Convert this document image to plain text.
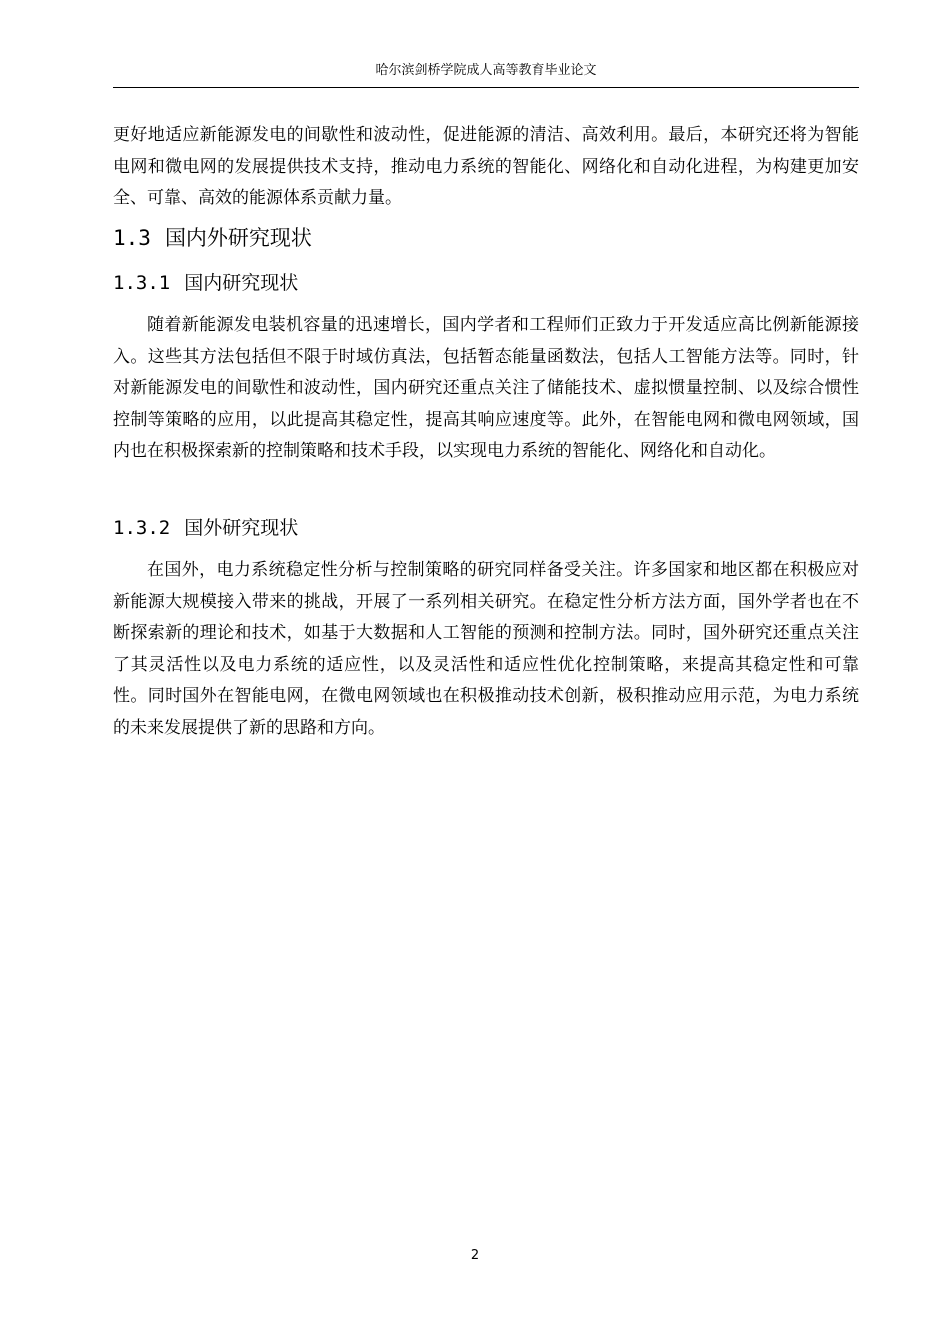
哈尔滨剑桥学院成人高等教育毕业论文

更好地适应新能源发电的间歇性和波动性，促进能源的清洁、高效利用。最后，本研究还将为智能电网和微电网的发展提供技术支持，推动电力系统的智能化、网络化和自动化进程，为构建更加安全、可靠、高效的能源体系贡献力量。

1.3 国内外研究现状
1.3.1 国内研究现状

随着新能源发电装机容量的迅速增长，国内学者和工程师们正致力于开发适应高比例新能源接入。这些其方法包括但不限于时域仿真法，包括暂态能量函数法，包括人工智能方法等。同时，针对新能源发电的间歇性和波动性，国内研究还重点关注了储能技术、虚拟惯量控制、以及综合惯性控制等策略的应用，以此提高其稳定性，提高其响应速度等。此外，在智能电网和微电网领域，国内也在积极探索新的控制策略和技术手段，以实现电力系统的智能化、网络化和自动化。

1.3.2 国外研究现状

在国外，电力系统稳定性分析与控制策略的研究同样备受关注。许多国家和地区都在积极应对新能源大规模接入带来的挑战，开展了一系列相关研究。在稳定性分析方法方面，国外学者也在不断探索新的理论和技术，如基于大数据和人工智能的预测和控制方法。同时，国外研究还重点关注了其灵活性以及电力系统的适应性，以及灵活性和适应性优化控制策略，来提高其稳定性和可靠性。同时国外在智能电网，在微电网领域也在积极推动技术创新，极积推动应用示范，为电力系统的未来发展提供了新的思路和方向。

2
